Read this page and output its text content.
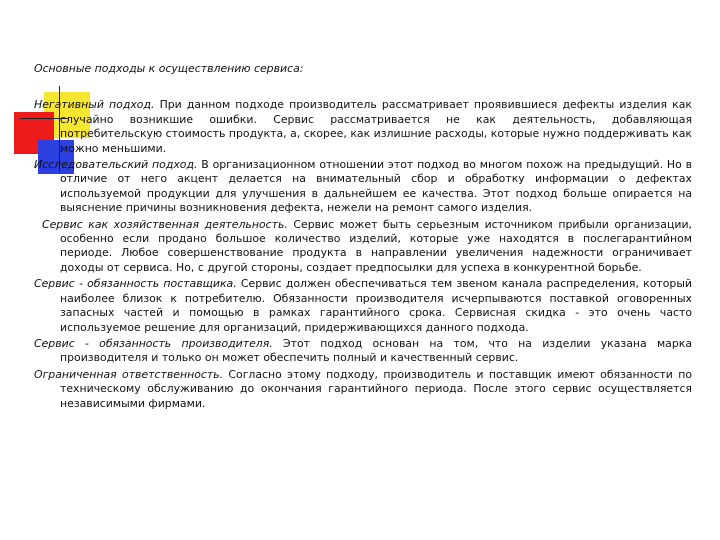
Основные подходы к осуществлению сервиса:

Негативный подход. При данном подходе производитель рассматривает проявившиеся дефекты изделия как случайно возникшие ошибки. Сервис рассматривается не как деятельность, добавляющая потребительскую стоимость продукта, а, скорее, как излишние расходы, которые нужно поддерживать как можно меньшими.

Исследовательский подход. В организационном отношении этот подход во многом похож на предыдущий. Но в отличие от него акцент делается на внимательный сбор и обработку информации о дефектах используемой продукции для улучшения в дальнейшем ее качества. Этот подход больше опирается на выяснение причины возникновения дефекта, нежели на ремонт самого изделия.

Сервис как хозяйственная деятельность. Сервис может быть серьезным источником прибыли организации, особенно если продано большое количество изделий, которые уже находятся в послегарантийном периоде. Любое совершенствование продукта в направлении увеличения надежности ограничивает доходы от сервиса. Но, с другой стороны, создает предпосылки для успеха в конкурентной борьбе.

Сервис - обязанность поставщика. Сервис должен обеспечиваться тем звеном канала распределения, который наиболее близок к потребителю. Обязанности производителя исчерпываются поставкой оговоренных запасных частей и помощью в рамках гарантийного срока. Сервисная скидка - это очень часто используемое решение для организаций, придерживающихся данного подхода.

Сервис - обязанность производителя. Этот подход основан на том, что на изделии указана марка производителя и только он может обеспечить полный и качественный сервис.

Ограниченная ответственность. Согласно этому подходу, производитель и поставщик имеют обязанности по техническому обслуживанию до окончания гарантийного периода. После этого сервис осуществляется независимыми фирмами.
